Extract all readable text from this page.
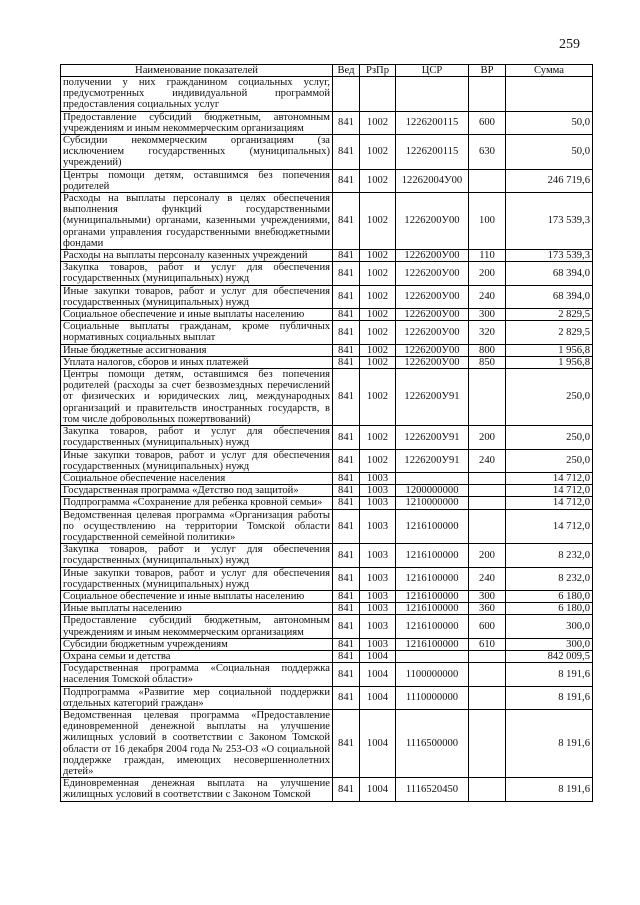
259
Наименование показателей	Вед	РзПр	ЦСР	ВР	Сумма
получении у них гражданином социальных услуг, предусмотренных индивидуальной программой предоставления социальных услуг					
Предоставление субсидий бюджетным, автономным учреждениям и иным некоммерческим организациям	841	1002	1226200115	600	50,0
Субсидии некоммерческим организациям (за исключением государственных (муниципальных) учреждений)	841	1002	1226200115	630	50,0
Центры помощи детям, оставшимся без попечения родителей	841	1002	12262004У00		246 719,6
Расходы на выплаты персоналу в целях обеспечения выполнения функций государственными (муниципальными) органами, казенными учреждениями, органами управления государственными внебюджетными фондами	841	1002	1226200У00	100	173 539,3
Расходы на выплаты персоналу казенных учреждений	841	1002	1226200У00	110	173 539,3
Закупка товаров, работ и услуг для обеспечения государственных (муниципальных) нужд	841	1002	1226200У00	200	68 394,0
Иные закупки товаров, работ и услуг для обеспечения государственных (муниципальных) нужд	841	1002	1226200У00	240	68 394,0
Социальное обеспечение и иные выплаты населению	841	1002	1226200У00	300	2 829,5
Социальные выплаты гражданам, кроме публичных нормативных социальных выплат	841	1002	1226200У00	320	2 829,5
Иные бюджетные ассигнования	841	1002	1226200У00	800	1 956,8
Уплата налогов, сборов и иных платежей	841	1002	1226200У00	850	1 956,8
Центры помощи детям, оставшимся без попечения родителей (расходы за счет безвозмездных перечислений от физических и юридических лиц, международных организаций и правительств иностранных государств, в том числе добровольных пожертвований)	841	1002	1226200У91		250,0
Закупка товаров, работ и услуг для обеспечения государственных (муниципальных) нужд	841	1002	1226200У91	200	250,0
Иные закупки товаров, работ и услуг для обеспечения государственных (муниципальных) нужд	841	1002	1226200У91	240	250,0
Социальное обеспечение населения	841	1003			14 712,0
Государственная программа «Детство под защитой»	841	1003	1200000000		14 712,0
Подпрограмма «Сохранение для ребенка кровной семьи»	841	1003	1210000000		14 712,0
Ведомственная целевая программа «Организация работы по осуществлению на территории Томской области государственной семейной политики»	841	1003	1216100000		14 712,0
Закупка товаров, работ и услуг для обеспечения государственных (муниципальных) нужд	841	1003	1216100000	200	8 232,0
Иные закупки товаров, работ и услуг для обеспечения государственных (муниципальных) нужд	841	1003	1216100000	240	8 232,0
Социальное обеспечение и иные выплаты населению	841	1003	1216100000	300	6 180,0
Иные выплаты населению	841	1003	1216100000	360	6 180,0
Предоставление субсидий бюджетным, автономным учреждениям и иным некоммерческим организациям	841	1003	1216100000	600	300,0
Субсидии бюджетным учреждениям	841	1003	1216100000	610	300,0
Охрана семьи и детства	841	1004			842 009,5
Государственная программа «Социальная поддержка населения Томской области»	841	1004	1100000000		8 191,6
Подпрограмма «Развитие мер социальной поддержки отдельных категорий граждан»	841	1004	1110000000		8 191,6
Ведомственная целевая программа «Предоставление единовременной денежной выплаты на улучшение жилищных условий в соответствии с Законом Томской области от 16 декабря 2004 года № 253-ОЗ «О социальной поддержке граждан, имеющих несовершеннолетних детей»	841	1004	1116500000		8 191,6
Единовременная денежная выплата на улучшение жилищных условий в соответствии с Законом Томской	841	1004	1116520450		8 191,6
